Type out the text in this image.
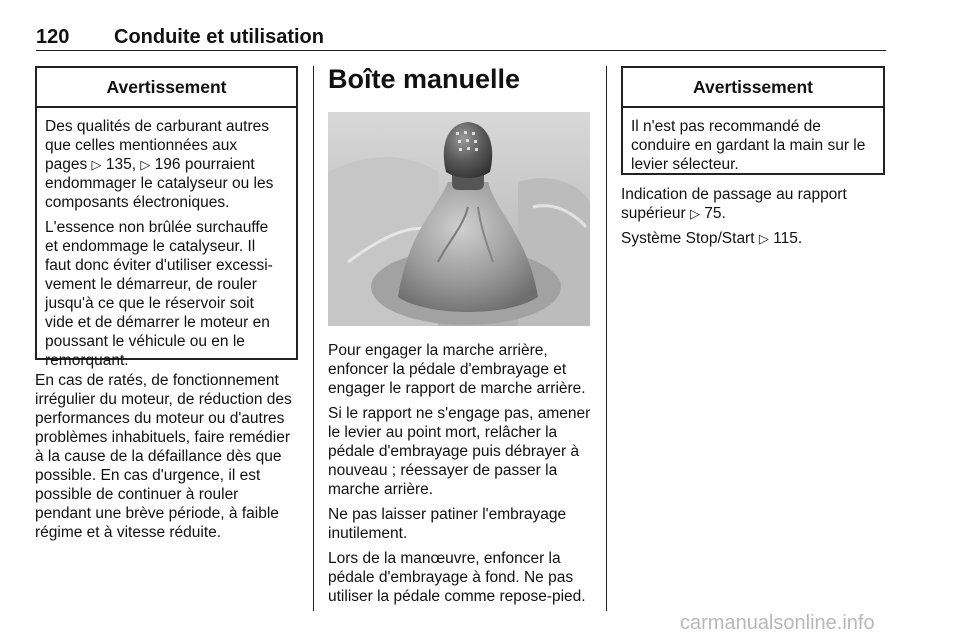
120 Conduite et utilisation
Avertissement
Des qualités de carburant autres
que celles mentionnées aux
pages ▷ 135, ▷ 196 pourraient
endommager le catalyseur ou les
composants électroniques.
L'essence non brûlée surchauffe
et endommage le catalyseur. Il
faut donc éviter d'utiliser excessi-
vement le démarreur, de rouler
jusqu'à ce que le réservoir soit
vide et de démarrer le moteur en
poussant le véhicule ou en le
remorquant.
En cas de ratés, de fonctionnement
irrégulier du moteur, de réduction des
performances du moteur ou d'autres
problèmes inhabituels, faire remédier
à la cause de la défaillance dès que
possible. En cas d'urgence, il est
possible de continuer à rouler
pendant une brève période, à faible
régime et à vitesse réduite.
Boîte manuelle
Pour engager la marche arrière,
enfoncer la pédale d'embrayage et
engager le rapport de marche arrière.
Si le rapport ne s'engage pas, amener
le levier au point mort, relâcher la
pédale d'embrayage puis débrayer à
nouveau ; réessayer de passer la
marche arrière.
Ne pas laisser patiner l'embrayage
inutilement.
Lors de la manœuvre, enfoncer la
pédale d'embrayage à fond. Ne pas
utiliser la pédale comme repose-pied.
Avertissement
Il n'est pas recommandé de
conduire en gardant la main sur le
levier sélecteur.
Indication de passage au rapport
supérieur ▷ 75.
Système Stop/Start ▷ 115.
carmanualsonline.info
